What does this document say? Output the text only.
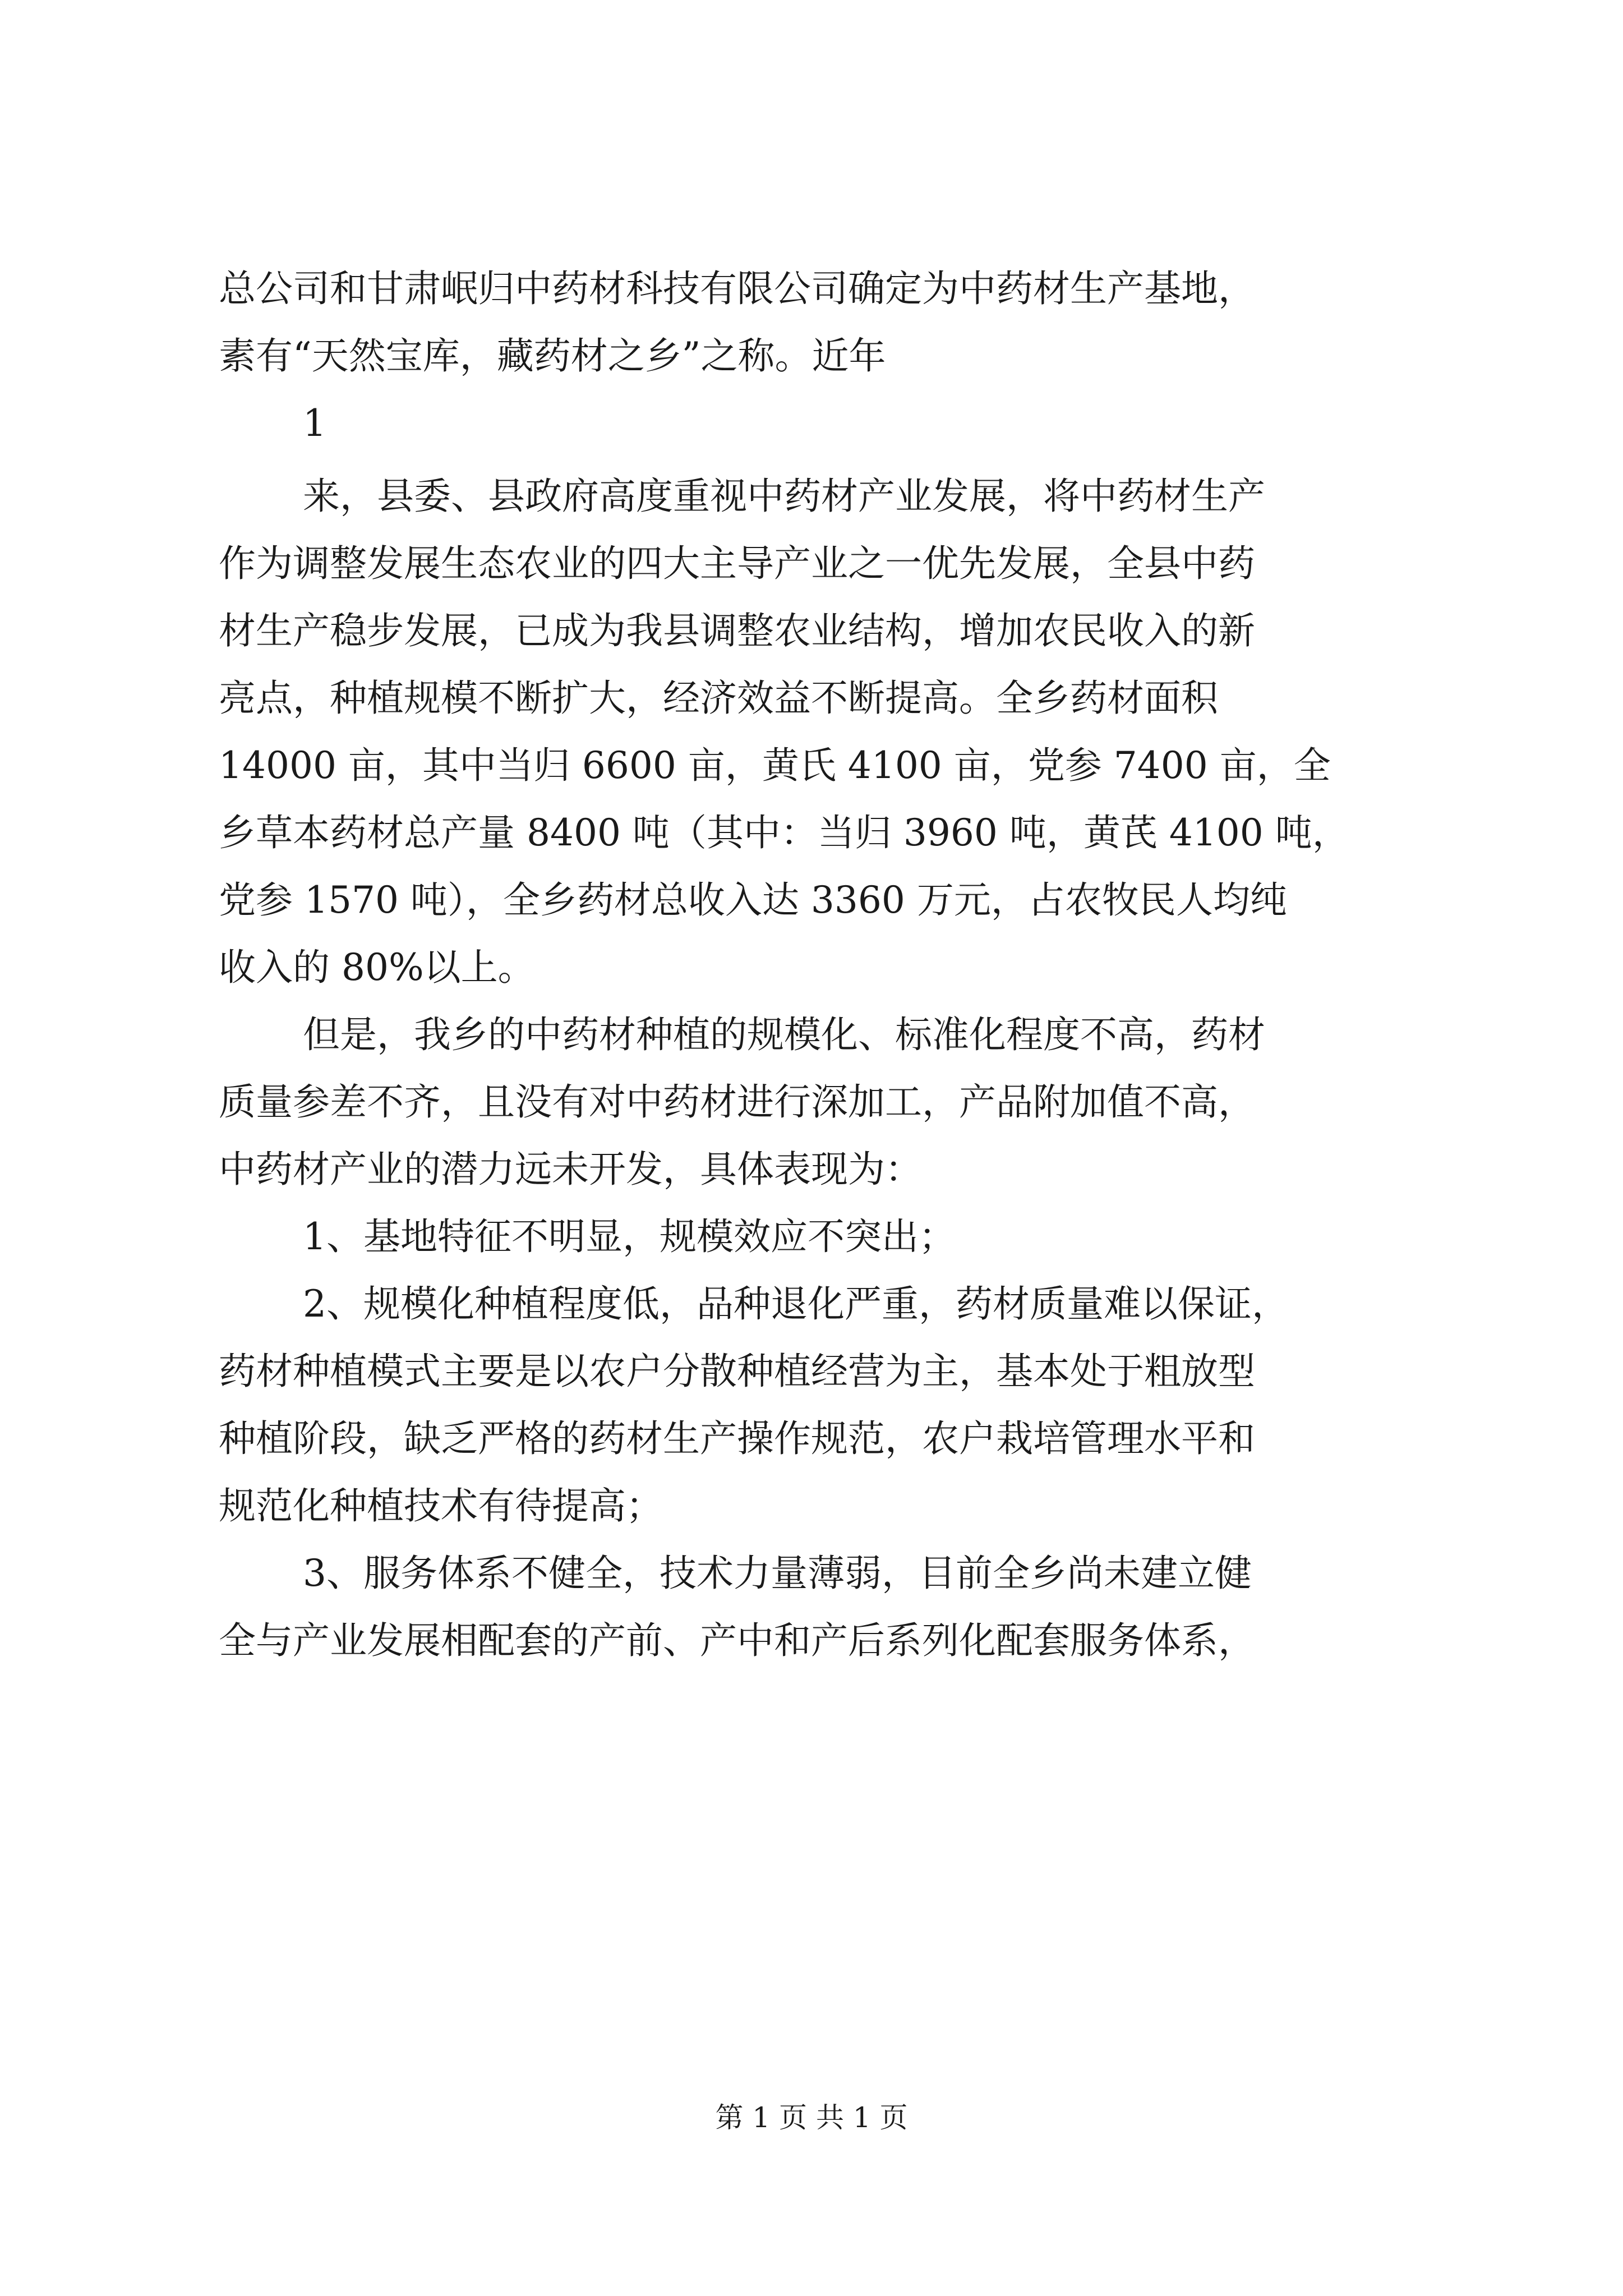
总公司和甘肃岷归中药材科技有限公司确定为中药材生产基地，
素有“天然宝库，藏药材之乡”之称。近年
1
来，县委、县政府高度重视中药材产业发展，将中药材生产
作为调整发展生态农业的四大主导产业之一优先发展，全县中药
材生产稳步发展，已成为我县调整农业结构，增加农民收入的新
亮点，种植规模不断扩大，经济效益不断提高。全乡药材面积
14000 亩，其中当归 6600 亩，黄氏 4100 亩，党参 7400 亩，全
乡草本药材总产量 8400 吨（其中：当归 3960 吨，黄芪 4100 吨，
党参 1570 吨），全乡药材总收入达 3360 万元，占农牧民人均纯
收入的 80%以上。
但是，我乡的中药材种植的规模化、标准化程度不高，药材
质量参差不齐，且没有对中药材进行深加工，产品附加值不高，
中药材产业的潜力远未开发，具体表现为：
1、基地特征不明显，规模效应不突出；
2、规模化种植程度低，品种退化严重，药材质量难以保证，
药材种植模式主要是以农户分散种植经营为主，基本处于粗放型
种植阶段，缺乏严格的药材生产操作规范，农户栽培管理水平和
规范化种植技术有待提高；
3、服务体系不健全，技术力量薄弱，目前全乡尚未建立健
全与产业发展相配套的产前、产中和产后系列化配套服务体系，
第 1 页 共 1 页
